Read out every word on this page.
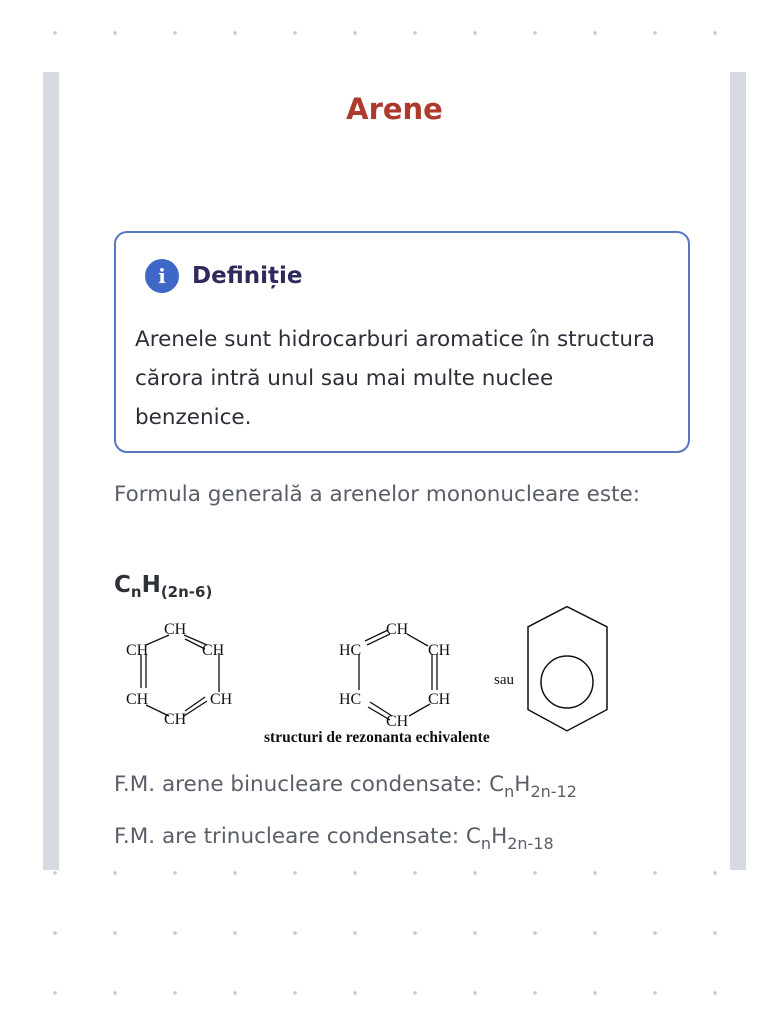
Arene
i	Definiție

Arenele sunt hidrocarburi aromatice în structura cărora intră unul sau mai multe nuclee benzenice.

Formula generală a arenelor mononucleare este:

$C_nH_{(2n-6)}$
CH
CH	CH
CH	CH
CH
CH
HC	CH
HC	CH
CH
sau
structuri de rezonanta echivalente

F.M. arene binucleare condensate: $C_nH_{2n-12}$

F.M. are trinucleare condensate: $C_nH_{2n-18}$
